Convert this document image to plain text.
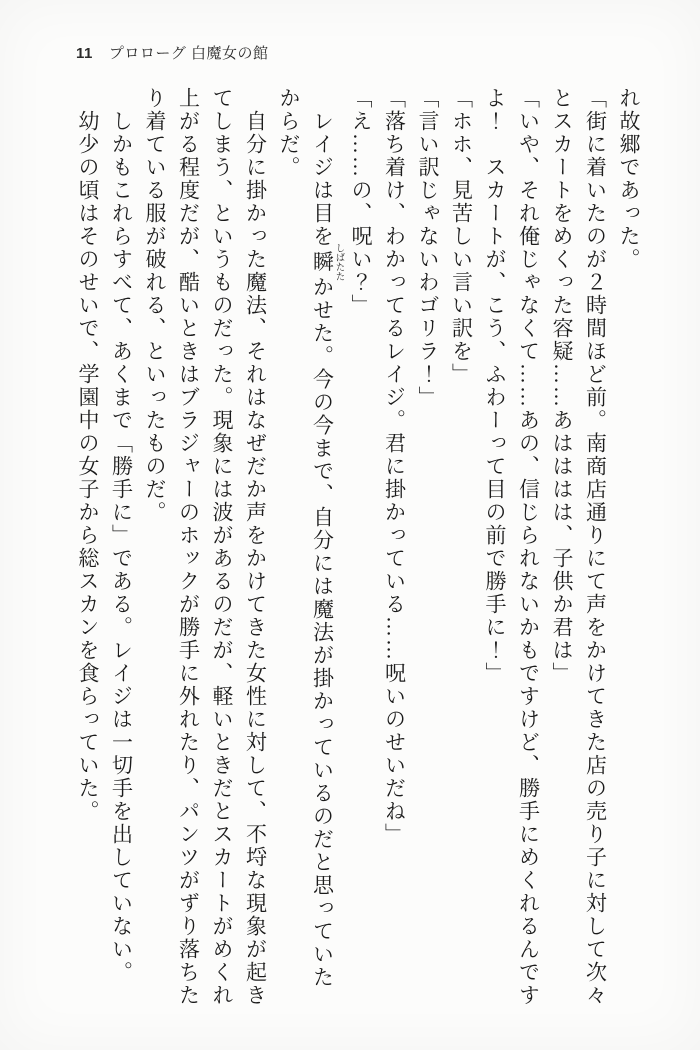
11 プロローグ 白魔女の館

れ故郷であった。

「街に着いたのが２時間ほど前。南商店通りにて声をかけてきた店の売り子に対して次々とスカートをめくった容疑……あはははは、子供か君は」

「いや、それ俺じゃなくて……あの、信じられないかもですけど、勝手にめくれるんですよ！　スカートが、こう、ふわーって目の前で勝手に！」

「ホホ、見苦しい言い訳を」

「言い訳じゃないわゴリラ！」

「落ち着け、わかってるレイジ。君に掛かっている……呪いのせいだね」

「え……の、呪い？」

　レイジは目を瞬 しばたたかせた。今の今まで、自分には魔法が掛かっているのだと思っていたからだ。

　自分に掛かった魔法、それはなぜだか声をかけてきた女性に対して、不埒な現象が起きてしまう、というものだった。現象には波があるのだが、軽いときだとスカートがめくれ上がる程度だが、酷いときはブラジャーのホックが勝手に外れたり、パンツがずり落ちたり着ている服が破れる、といったものだ。

　しかもこれらすべて、あくまで「勝手に」である。レイジは一切手を出していない。

　幼少の頃はそのせいで、学園中の女子から総スカンを食らっていた。
